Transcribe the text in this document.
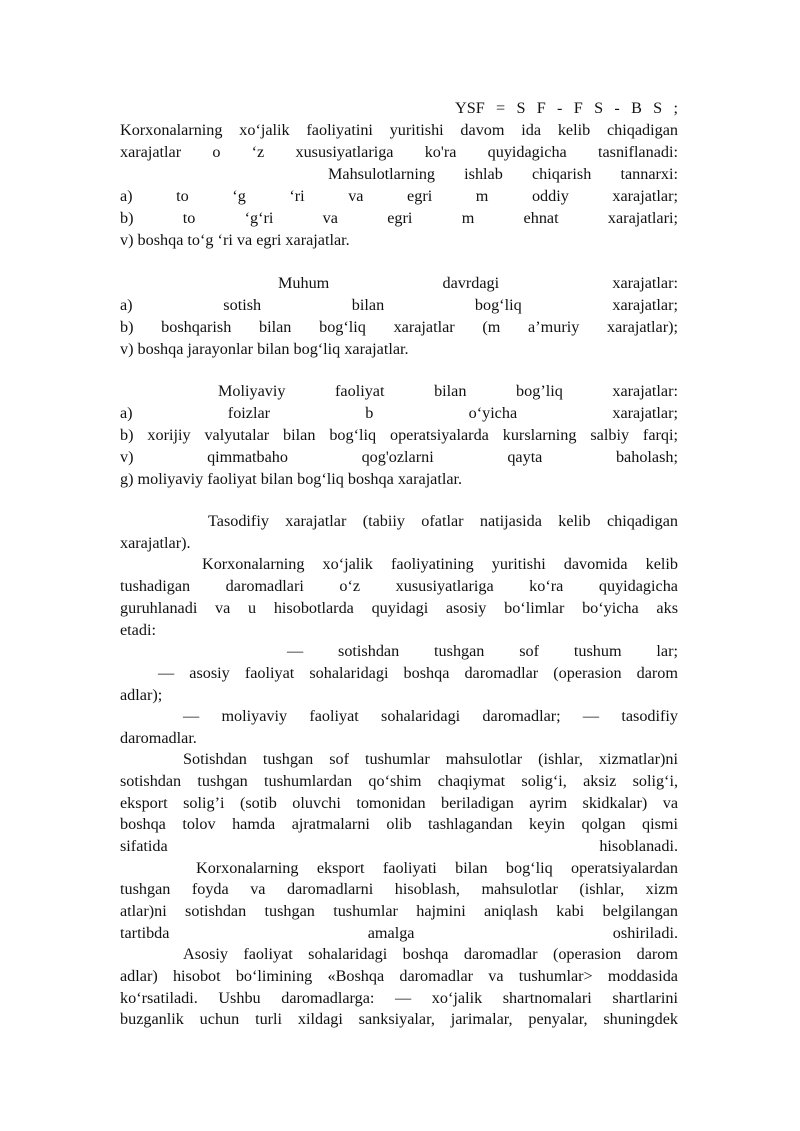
YSF = S F - F S - B S ;
Korxonalarning xo‘jalik faoliyatini yuritishi davom ida kelib chiqadigan
xarajatlar o ‘z xususiyatlariga ko'ra quyidagicha tasniflanadi:
Mahsulotlarning ishlab chiqarish tannarxi:
a) to ‘g ‘ri va egri m oddiy xarajatlar;
b) to ‘g‘ri va egri m ehnat xarajatlari;
v) boshqa to‘g ‘ri va egri xarajatlar.
Muhum davrdagi xarajatlar:
a) sotish bilan bog‘liq xarajatlar;
b) boshqarish bilan bog‘liq xarajatlar (m a’muriy xarajatlar);
v) boshqa jarayonlar bilan bog‘liq xarajatlar.
Moliyaviy faoliyat bilan bog’liq xarajatlar:
a) foizlar b o‘yicha xarajatlar;
b) xorijiy valyutalar bilan bog‘liq operatsiyalarda kurslarning salbiy farqi;
v) qimmatbaho qog'ozlarni qayta baholash;
g) moliyaviy faoliyat bilan bog‘liq boshqa xarajatlar.
Tasodifiy xarajatlar (tabiiy ofatlar natijasida kelib chiqadigan
xarajatlar).
Korxonalarning xo‘jalik faoliyatining yuritishi davomida kelib
tushadigan daromadlari o‘z xususiyatlariga ko‘ra quyidagicha
guruhlanadi va u hisobotlarda quyidagi asosiy bo‘limlar bo‘yicha aks
etadi:
— sotishdan tushgan sof tushum lar;
— asosiy faoliyat sohalaridagi boshqa daromadlar (operasion darom
adlar);
— moliyaviy faoliyat sohalaridagi daromadlar; — tasodifiy
daromadlar.
Sotishdan tushgan sof tushumlar mahsulotlar (ishlar, xizmatlar)ni
sotishdan tushgan tushumlardan qo‘shim chaqiymat solig‘i, aksiz solig‘i,
eksport solig’i (sotib oluvchi tomonidan beriladigan ayrim skidkalar) va
boshqa tolov hamda ajratmalarni olib tashlagandan keyin qolgan qismi
sifatida hisoblanadi.
Korxonalarning eksport faoliyati bilan bog‘liq operatsiyalardan
tushgan foyda va daromadlarni hisoblash, mahsulotlar (ishlar, xizm
atlar)ni sotishdan tushgan tushumlar hajmini aniqlash kabi belgilangan
tartibda amalga oshiriladi.
Asosiy faoliyat sohalaridagi boshqa daromadlar (operasion darom
adlar) hisobot bo‘limining «Boshqa daromadlar va tushumlar> moddasida
ko‘rsatiladi. Ushbu daromadlarga: — xo‘jalik shartnomalari shartlarini
buzganlik uchun turli xildagi sanksiyalar, jarimalar, penyalar, shuningdek
